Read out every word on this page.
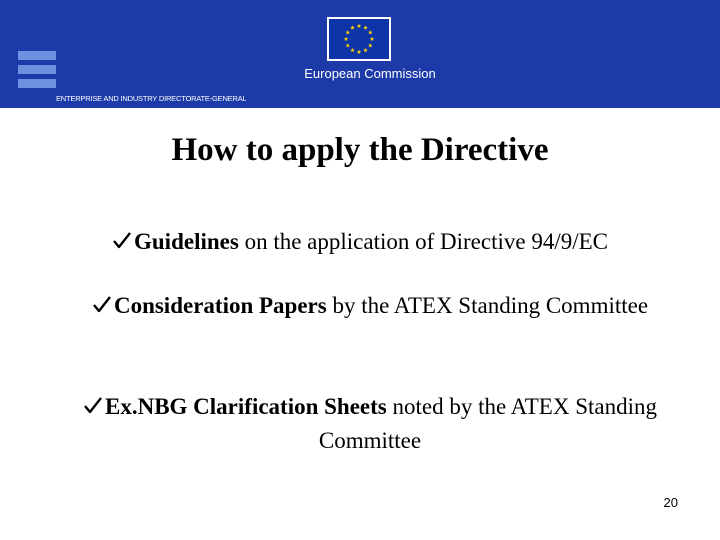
European Commission
ENTERPRISE AND INDUSTRY DIRECTORATE-GENERAL
How to apply the Directive
Guidelines on the application of Directive 94/9/EC
Consideration Papers by the ATEX Standing Committee
Ex.NBG Clarification Sheets noted by the ATEX Standing Committee
20
